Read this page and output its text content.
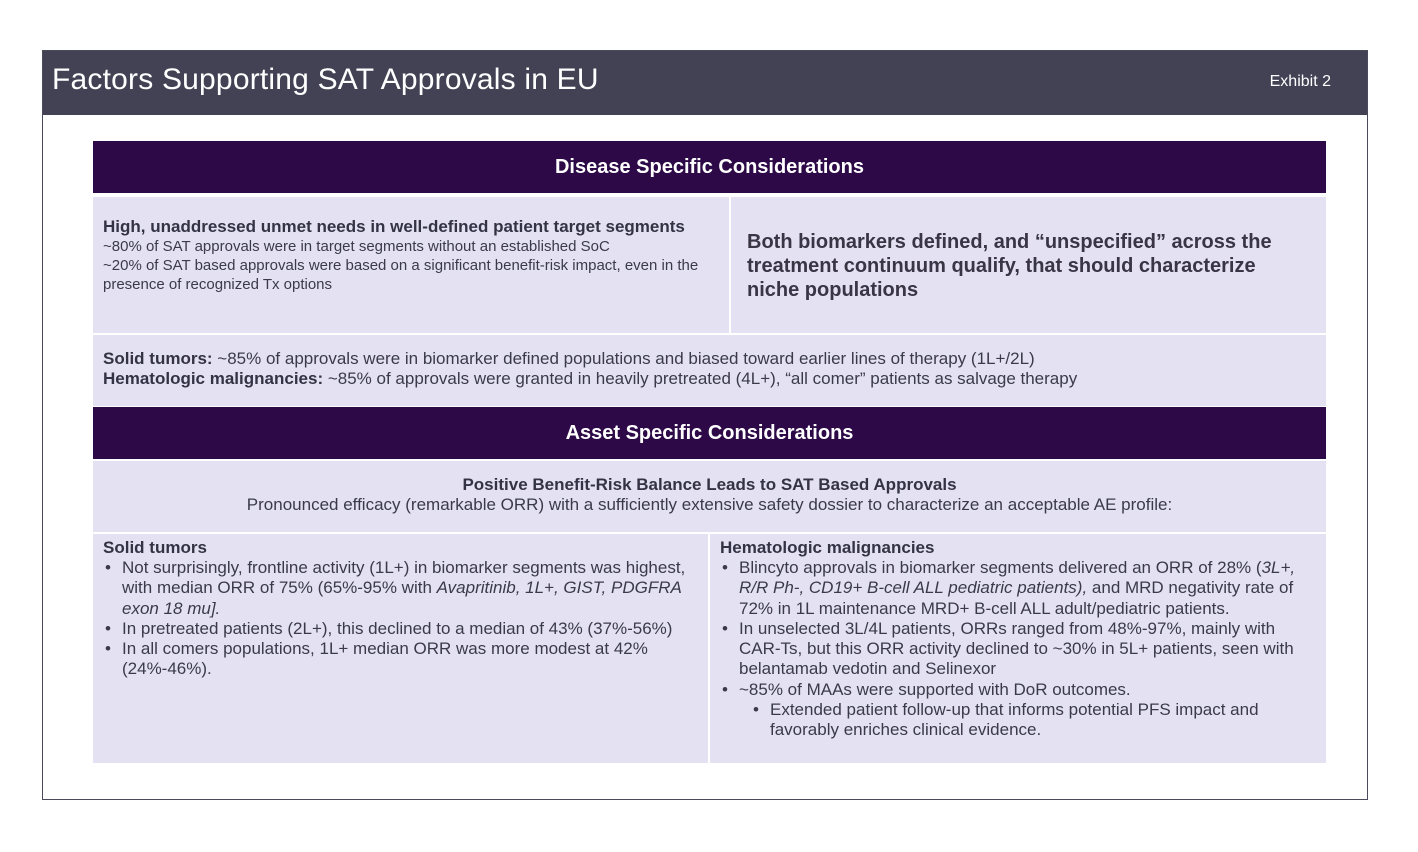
Factors Supporting SAT Approvals in EU	Exhibit 2
Disease Specific Considerations
High, unaddressed unmet needs in well-defined patient target segments
~80% of SAT approvals were in target segments without an established SoC
~20% of SAT based approvals were based on a significant benefit-risk impact, even in the presence of recognized Tx options
Both biomarkers defined, and “unspecified” across the treatment continuum qualify, that should characterize niche populations
Solid tumors: ~85% of approvals were in biomarker defined populations and biased toward earlier lines of therapy (1L+/2L)
Hematologic malignancies: ~85% of approvals were granted in heavily pretreated (4L+), “all comer” patients as salvage therapy
Asset Specific Considerations
Positive Benefit-Risk Balance Leads to SAT Based Approvals
Pronounced efficacy (remarkable ORR) with a sufficiently extensive safety dossier to characterize an acceptable AE profile:
Solid tumors
• Not surprisingly, frontline activity (1L+) in biomarker segments was highest, with median ORR of 75% (65%-95% with Avapritinib, 1L+, GIST, PDGFRA exon 18 mu].
• In pretreated patients (2L+), this declined to a median of 43% (37%-56%)
• In all comers populations, 1L+ median ORR was more modest at 42% (24%-46%).
Hematologic malignancies
• Blincyto approvals in biomarker segments delivered an ORR of 28% (3L+, R/R Ph-, CD19+ B-cell ALL pediatric patients), and MRD negativity rate of 72% in 1L maintenance MRD+ B-cell ALL adult/pediatric patients.
• In unselected 3L/4L patients, ORRs ranged from 48%-97%, mainly with CAR-Ts, but this ORR activity declined to ~30% in 5L+ patients, seen with belantamab vedotin and Selinexor
• ~85% of MAAs were supported with DoR outcomes.
• Extended patient follow-up that informs potential PFS impact and favorably enriches clinical evidence.
